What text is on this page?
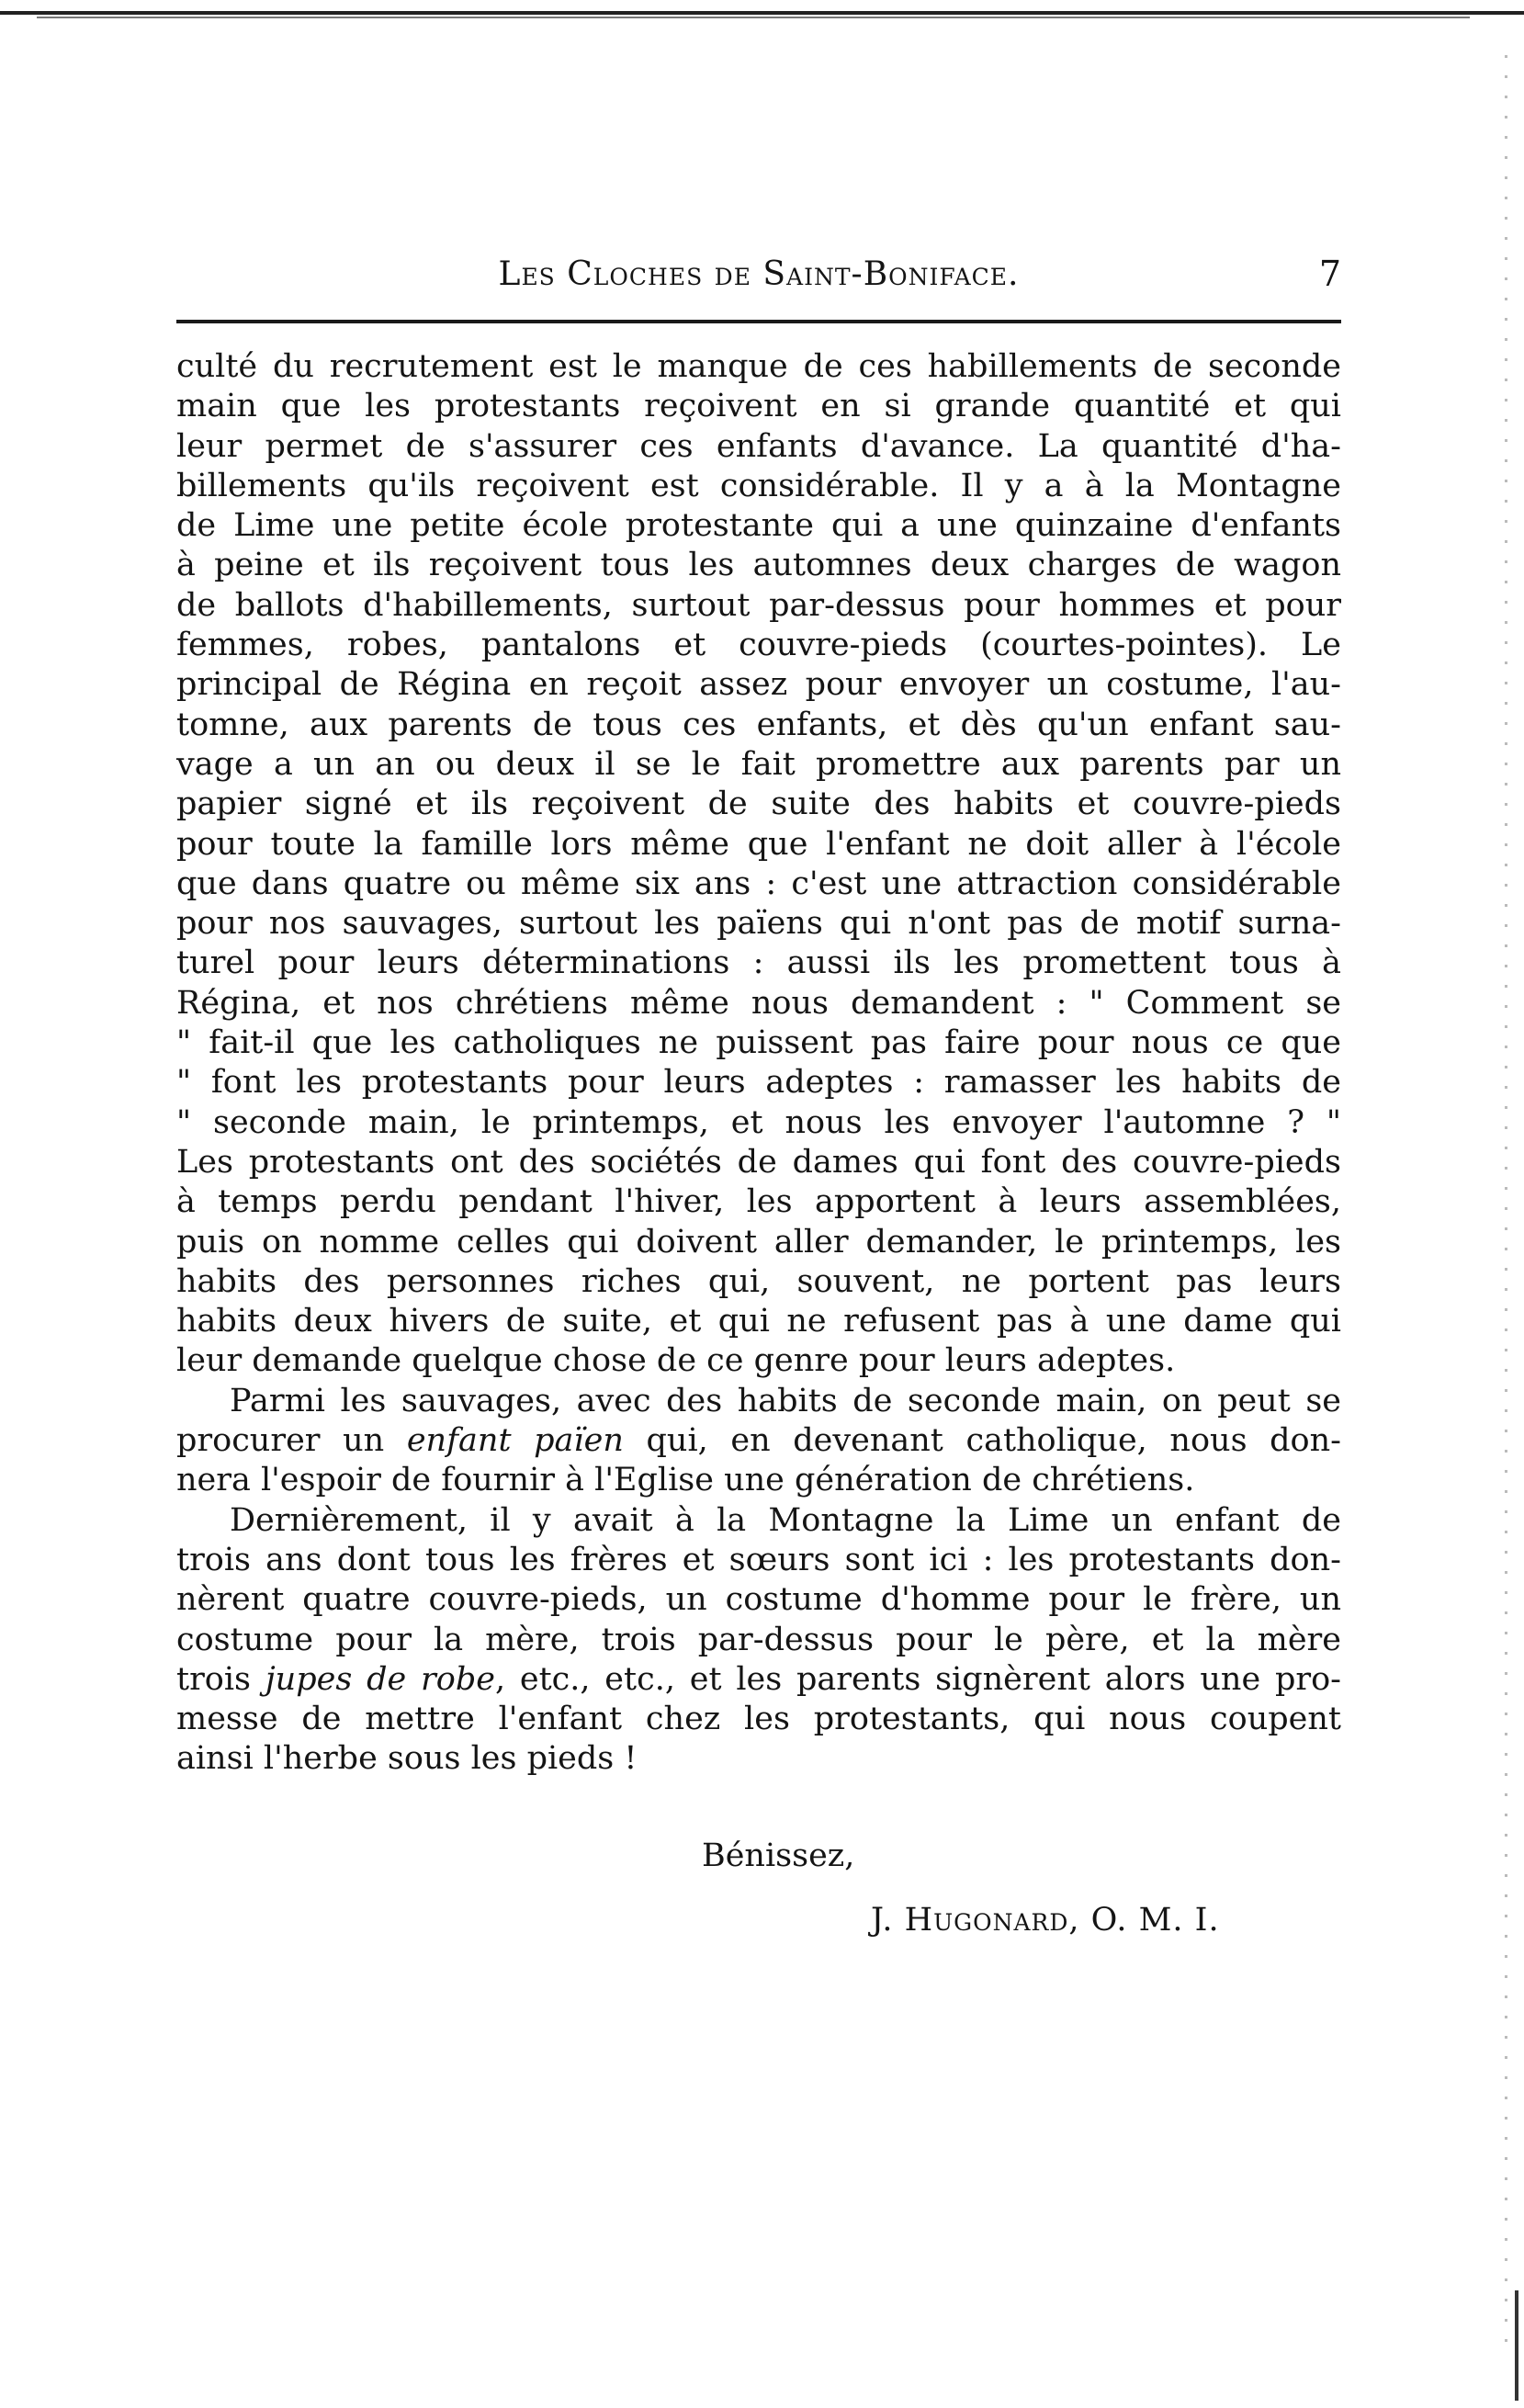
Les Cloches de Saint-Boniface.	7
culté du recrutement est le manque de ces habillements de seconde
main que les protestants reçoivent en si grande quantité et qui
leur permet de s'assurer ces enfants d'avance. La quantité d'ha-
billements qu'ils reçoivent est considérable. Il y a à la Montagne
de Lime une petite école protestante qui a une quinzaine d'enfants
à peine et ils reçoivent tous les automnes deux charges de wagon
de ballots d'habillements, surtout par-dessus pour hommes et pour
femmes, robes, pantalons et couvre-pieds (courtes-pointes). Le
principal de Régina en reçoit assez pour envoyer un costume, l'au-
tomne, aux parents de tous ces enfants, et dès qu'un enfant sau-
vage a un an ou deux il se le fait promettre aux parents par un
papier signé et ils reçoivent de suite des habits et couvre-pieds
pour toute la famille lors même que l'enfant ne doit aller à l'école
que dans quatre ou même six ans : c'est une attraction considérable
pour nos sauvages, surtout les païens qui n'ont pas de motif surna-
turel pour leurs déterminations : aussi ils les promettent tous à
Régina, et nos chrétiens même nous demandent : " Comment se
" fait-il que les catholiques ne puissent pas faire pour nous ce que
" font les protestants pour leurs adeptes : ramasser les habits de
" seconde main, le printemps, et nous les envoyer l'automne ? "
Les protestants ont des sociétés de dames qui font des couvre-pieds
à temps perdu pendant l'hiver, les apportent à leurs assemblées,
puis on nomme celles qui doivent aller demander, le printemps, les
habits des personnes riches qui, souvent, ne portent pas leurs
habits deux hivers de suite, et qui ne refusent pas à une dame qui
leur demande quelque chose de ce genre pour leurs adeptes.
Parmi les sauvages, avec des habits de seconde main, on peut se
procurer un enfant païen qui, en devenant catholique, nous don-
nera l'espoir de fournir à l'Eglise une génération de chrétiens.
Dernièrement, il y avait à la Montagne la Lime un enfant de
trois ans dont tous les frères et sœurs sont ici : les protestants don-
nèrent quatre couvre-pieds, un costume d'homme pour le frère, un
costume pour la mère, trois par-dessus pour le père, et la mère
trois jupes de robe, etc., etc., et les parents signèrent alors une pro-
messe de mettre l'enfant chez les protestants, qui nous coupent
ainsi l'herbe sous les pieds !
Bénissez,
J. Hugonard, O. M. I.
